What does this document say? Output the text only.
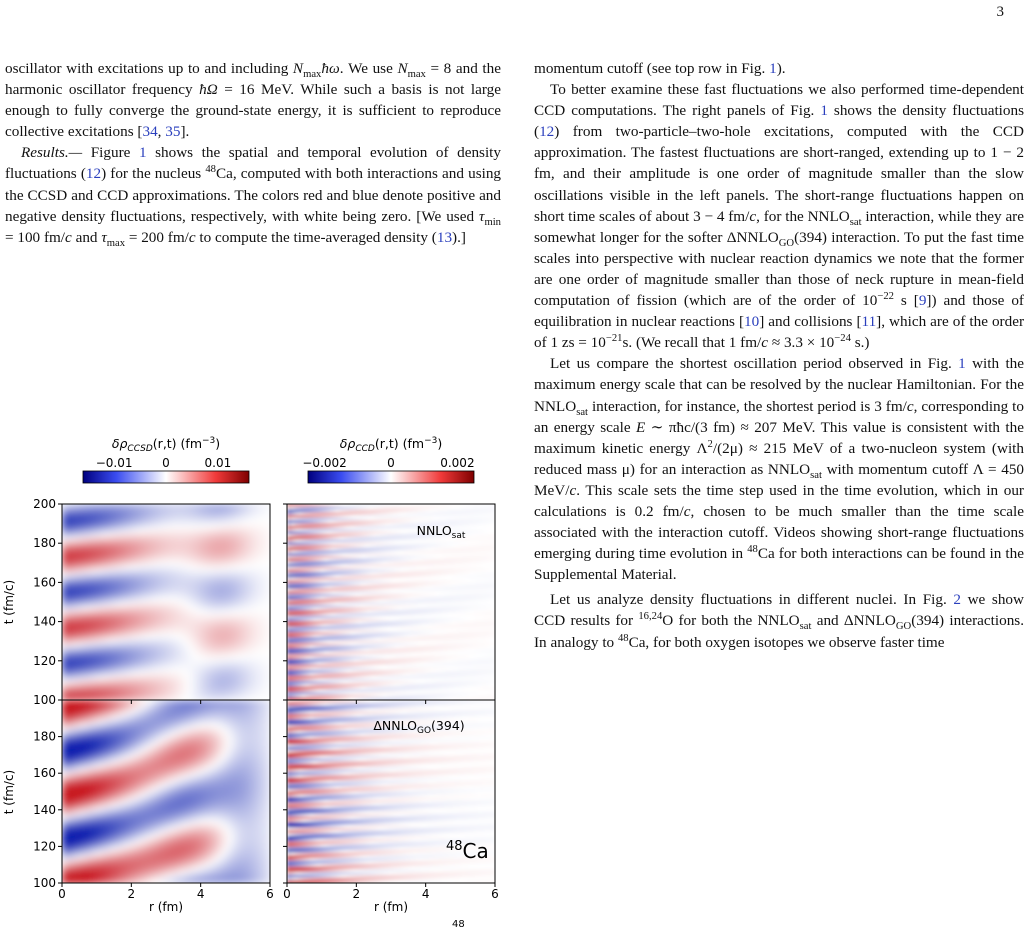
3

oscillator with excitations up to and including $N_{max}ħ\omega$. We use $N_{max} = 8$ and the harmonic oscillator frequency ħΩ = 16 MeV. While such a basis is not large enough to fully converge the ground-state energy, it is sufficient to reproduce collective excitations [34, 35].

Results.— Figure 1 shows the spatial and temporal evolution of density fluctuations (12) for the nucleus $^{48}$Ca, computed with both interactions and using the CCSD and CCD approximations. The colors red and blue denote positive and negative density fluctuations, respectively, with white being zero. [We used $\tau_{min} = 100$ fm/c and $\tau_{max} = 200$ fm/c to compute the time-averaged density (13).]

momentum cutoff (see top row in Fig. 1).

To better examine these fast fluctuations we also performed time-dependent CCD computations. The right panels of Fig. 1 shows the density fluctuations (12) from two-particle–two-hole excitations, computed with the CCD approximation. The fastest fluctuations are short-ranged, extending up to 1 − 2 fm, and their amplitude is one order of magnitude smaller than the slow oscillations visible in the left panels. The short-range fluctuations happen on short time scales of about 3 − 4 fm/c, for the $NNLO_{sat}$ interaction, while they are somewhat longer for the softer $\Delta NNLO_{GO}(394)$ interaction. To put the fast time scales into perspective with nuclear reaction dynamics we note that the former are one order of magnitude smaller than those of neck rupture in mean-field computation of fission (which are of the order of $10^{-22}$ s [9]) and those of equilibration in nuclear reactions [10] and collisions [11], which are of the order of 1 zs = $10^{-21}s$. (We recall that 1 $fm/c \approx 3.3 \times 10^{-24}$ s.)

Let us compare the shortest oscillation period observed in Fig. 1 with the maximum energy scale that can be resolved by the nuclear Hamiltonian. For the $NNLO_{sat}$ interaction, for instance, the shortest period is 3 fm/c, corresponding to an energy scale E ∼ πħc/(3 fm) ≈ 207 MeV. This value is consistent with the maximum kinetic energy $\Lambda^2/(2\mu) \approx 215$ MeV of a two-nucleon system (with reduced mass μ) for an interaction as $NNLO_{sat}$ with momentum cutoff Λ = 450 MeV/c. This scale sets the time step used in the time evolution, which in our calculations is 0.2 fm/c, chosen to be much smaller than the time scale associated with the interaction cutoff. Videos showing short-range fluctuations emerging during time evolution in $^{48}$Ca for both interactions can be found in the Supplemental Material.

Let us analyze density fluctuations in different nuclei. In Fig. 2 we show CCD results for $^{16,24}$O for both the $NNLO_{sat}$ and $\Delta NNLO_{GO}(394)$ interactions. In analogy to $^{48}$Ca, for both oxygen isotopes we observe faster time

$\delta\rho_{CCSD}(r,t)$ $(fm^{-3})$
−0.01 0	0.01
$\delta\rho_{CCD}(r,t)$ $(fm^{-3})$
−0.002	0	0.002
100
120
140
160
180
200
100
120
140
160
180
0	2	4	6 0	2	4	6
$NNLO_{sat}$
$\Delta NNLO_{GO}(394)$
$^{48}$Ca
t (fm/c)
t (fm/c)
r (fm)	r (fm)
48
